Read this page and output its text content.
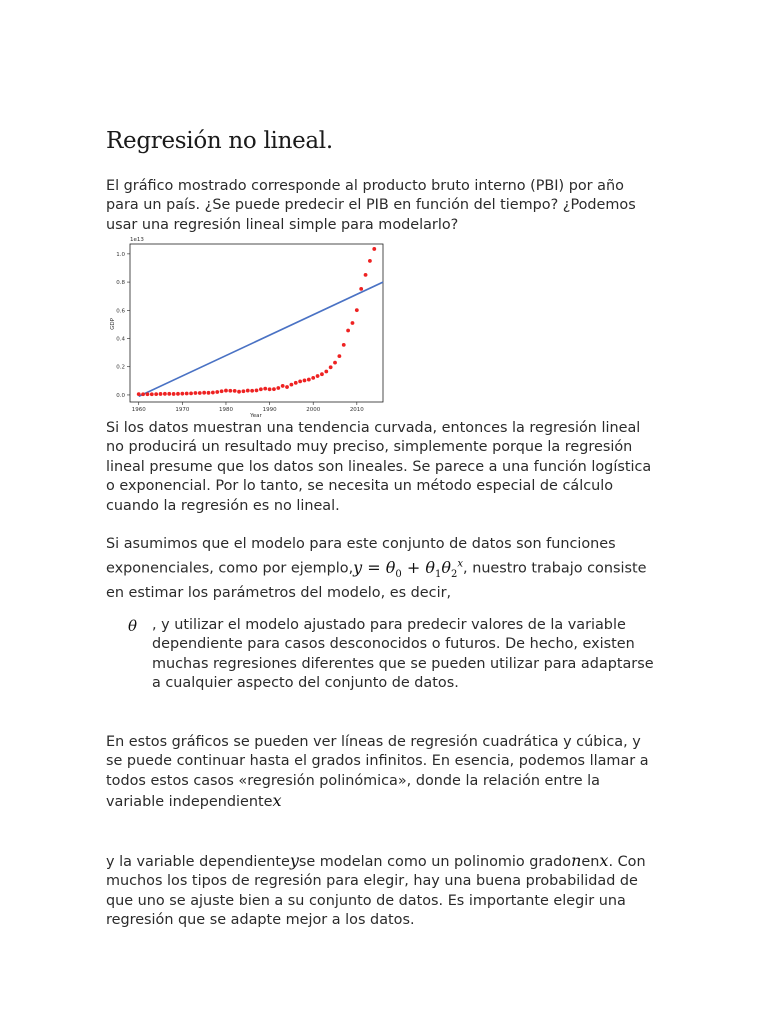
Regresión no lineal.
El gráfico mostrado corresponde al producto bruto interno (PBI) por año
para un país. ¿Se puede predecir el PIB en función del tiempo? ¿Podemos
usar una regresión lineal simple para modelarlo?
1e13
GDP
Year
1960	1970	1980	1990	2000	2010
0.0
0.2
0.4
0.6
0.8
1.0
Si los datos muestran una tendencia curvada, entonces la regresión lineal
no producirá un resultado muy preciso, simplemente porque la regresión
lineal presume que los datos son lineales. Se parece a una función logística
o exponencial. Por lo tanto, se necesita un método especial de cálculo
cuando la regresión es no lineal.
Si asumimos que el modelo para este conjunto de datos son funciones
exponenciales, como por ejemplo,y = $\theta_0 + \theta_1\theta_2^x$, nuestro trabajo consiste
en estimar los parámetros del modelo, es decir,
θ , y utilizar el modelo ajustado para predecir valores de la variable
dependiente para casos desconocidos o futuros. De hecho, existen
muchas regresiones diferentes que se pueden utilizar para adaptarse
a cualquier aspecto del conjunto de datos.
En estos gráficos se pueden ver líneas de regresión cuadrática y cúbica, y
se puede continuar hasta el grados infinitos. En esencia, podemos llamar a
todos estos casos «regresión polinómica», donde la relación entre la
variable independientex
y la variable dependienteyse modelan como un polinomio gradonenx. Con
muchos los tipos de regresión para elegir, hay una buena probabilidad de
que uno se ajuste bien a su conjunto de datos. Es importante elegir una
regresión que se adapte mejor a los datos.
